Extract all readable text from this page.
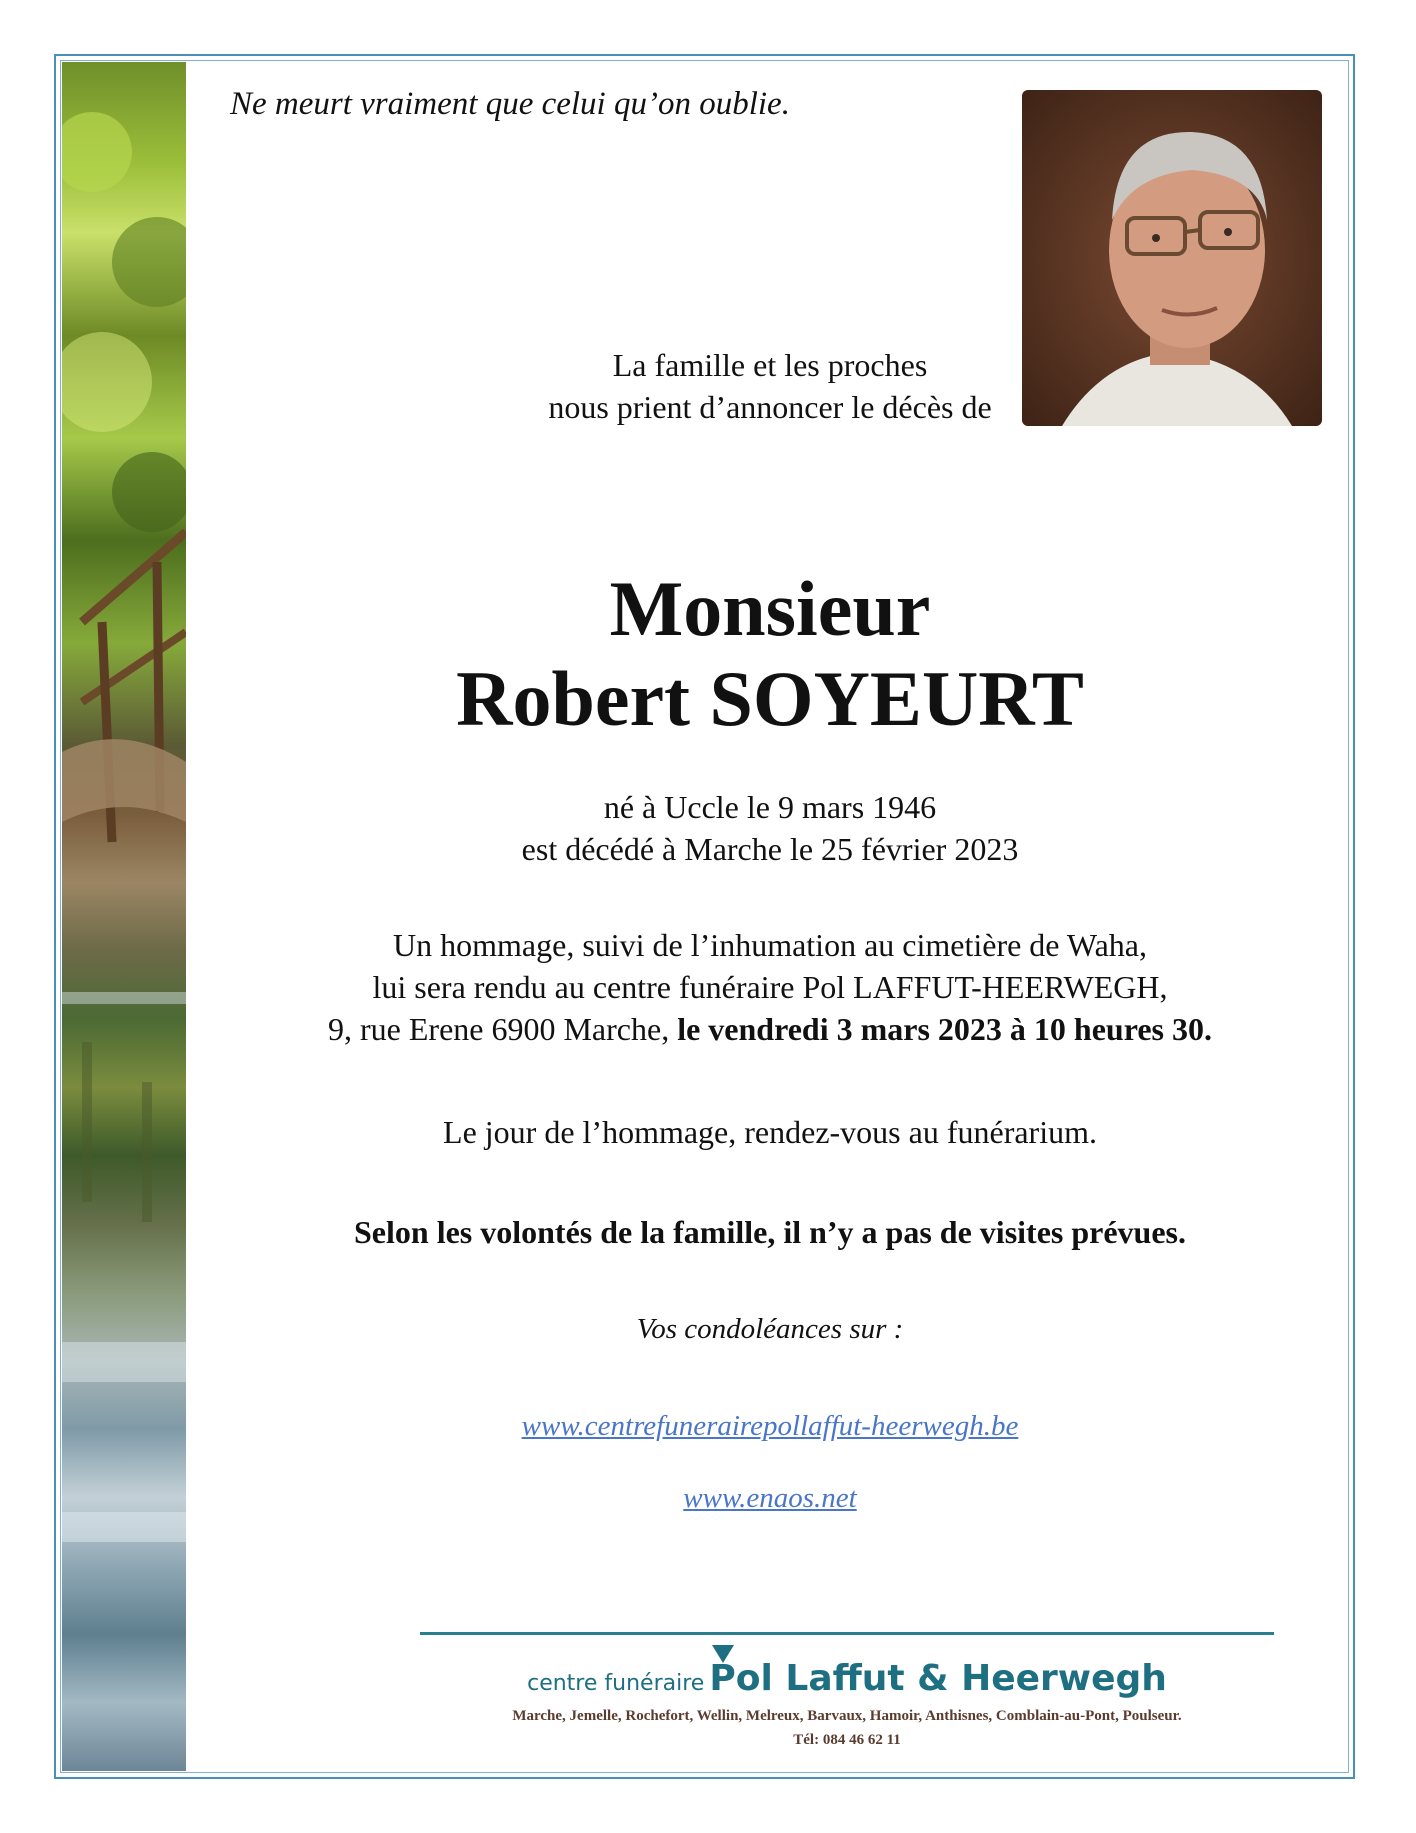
Ne meurt vraiment que celui qu’on oublie.
La famille et les proches
nous prient d’annoncer le décès de
Monsieur
Robert SOYEURT
né à Uccle le 9 mars 1946
est décédé à Marche le 25 février 2023
Un hommage, suivi de l’inhumation au cimetière de Waha,
lui sera rendu au centre funéraire Pol LAFFUT-HEERWEGH,
9, rue Erene 6900 Marche, le vendredi 3 mars 2023 à 10 heures 30.
Le jour de l’hommage, rendez-vous au funérarium.
Selon les volontés de la famille, il n’y a pas de visites prévues.
Vos condoléances sur :
www.centrefunerairepollaffut-heerwegh.be
www.enaos.net
centre funéraire Pol Laffut & Heerwegh
Marche, Jemelle, Rochefort, Wellin, Melreux, Barvaux, Hamoir, Anthisnes, Comblain-au-Pont, Poulseur.
Tél: 084 46 62 11
